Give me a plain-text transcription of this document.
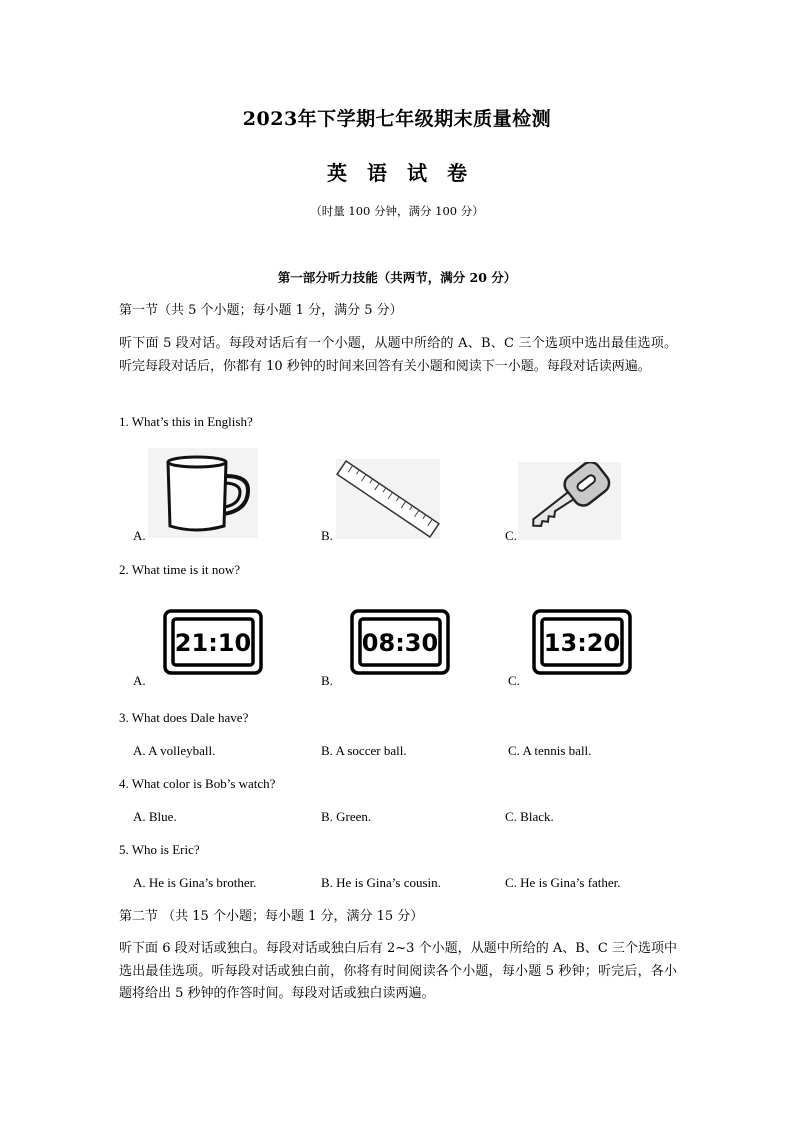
2023年下学期七年级期末质量检测
英语试卷
（时量 100 分钟，满分 100 分）
第一部分听力技能（共两节，满分 20 分）
第一节（共 5 个小题；每小题 1 分，满分 5 分）
听下面 5 段对话。每段对话后有一个小题，从题中所给的 A、B、C 三个选项中选出最佳选项。听完每段对话后，你都有 10 秒钟的时间来回答有关小题和阅读下一小题。每段对话读两遍。
1. What’s this in English?
A.	B.	C.
2. What time is it now?
A.
21:10
B.
08:30
C.
13:20
3. What does Dale have?
A. A volleyball.	B. A soccer ball.	C. A tennis ball.
4. What color is Bob’s watch?
A. Blue.	B. Green.	C. Black.
5. Who is Eric?
A. He is Gina’s brother.	B. He is Gina’s cousin.	C. He is Gina’s father.
第二节 （共 15 个小题；每小题 1 分，满分 15 分）
听下面 6 段对话或独白。每段对话或独白后有 2~3 个小题，从题中所给的 A、B、C 三个选项中选出最佳选项。听每段对话或独白前，你将有时间阅读各个小题，每小题 5 秒钟；听完后，各小题将给出 5 秒钟的作答时间。每段对话或独白读两遍。
